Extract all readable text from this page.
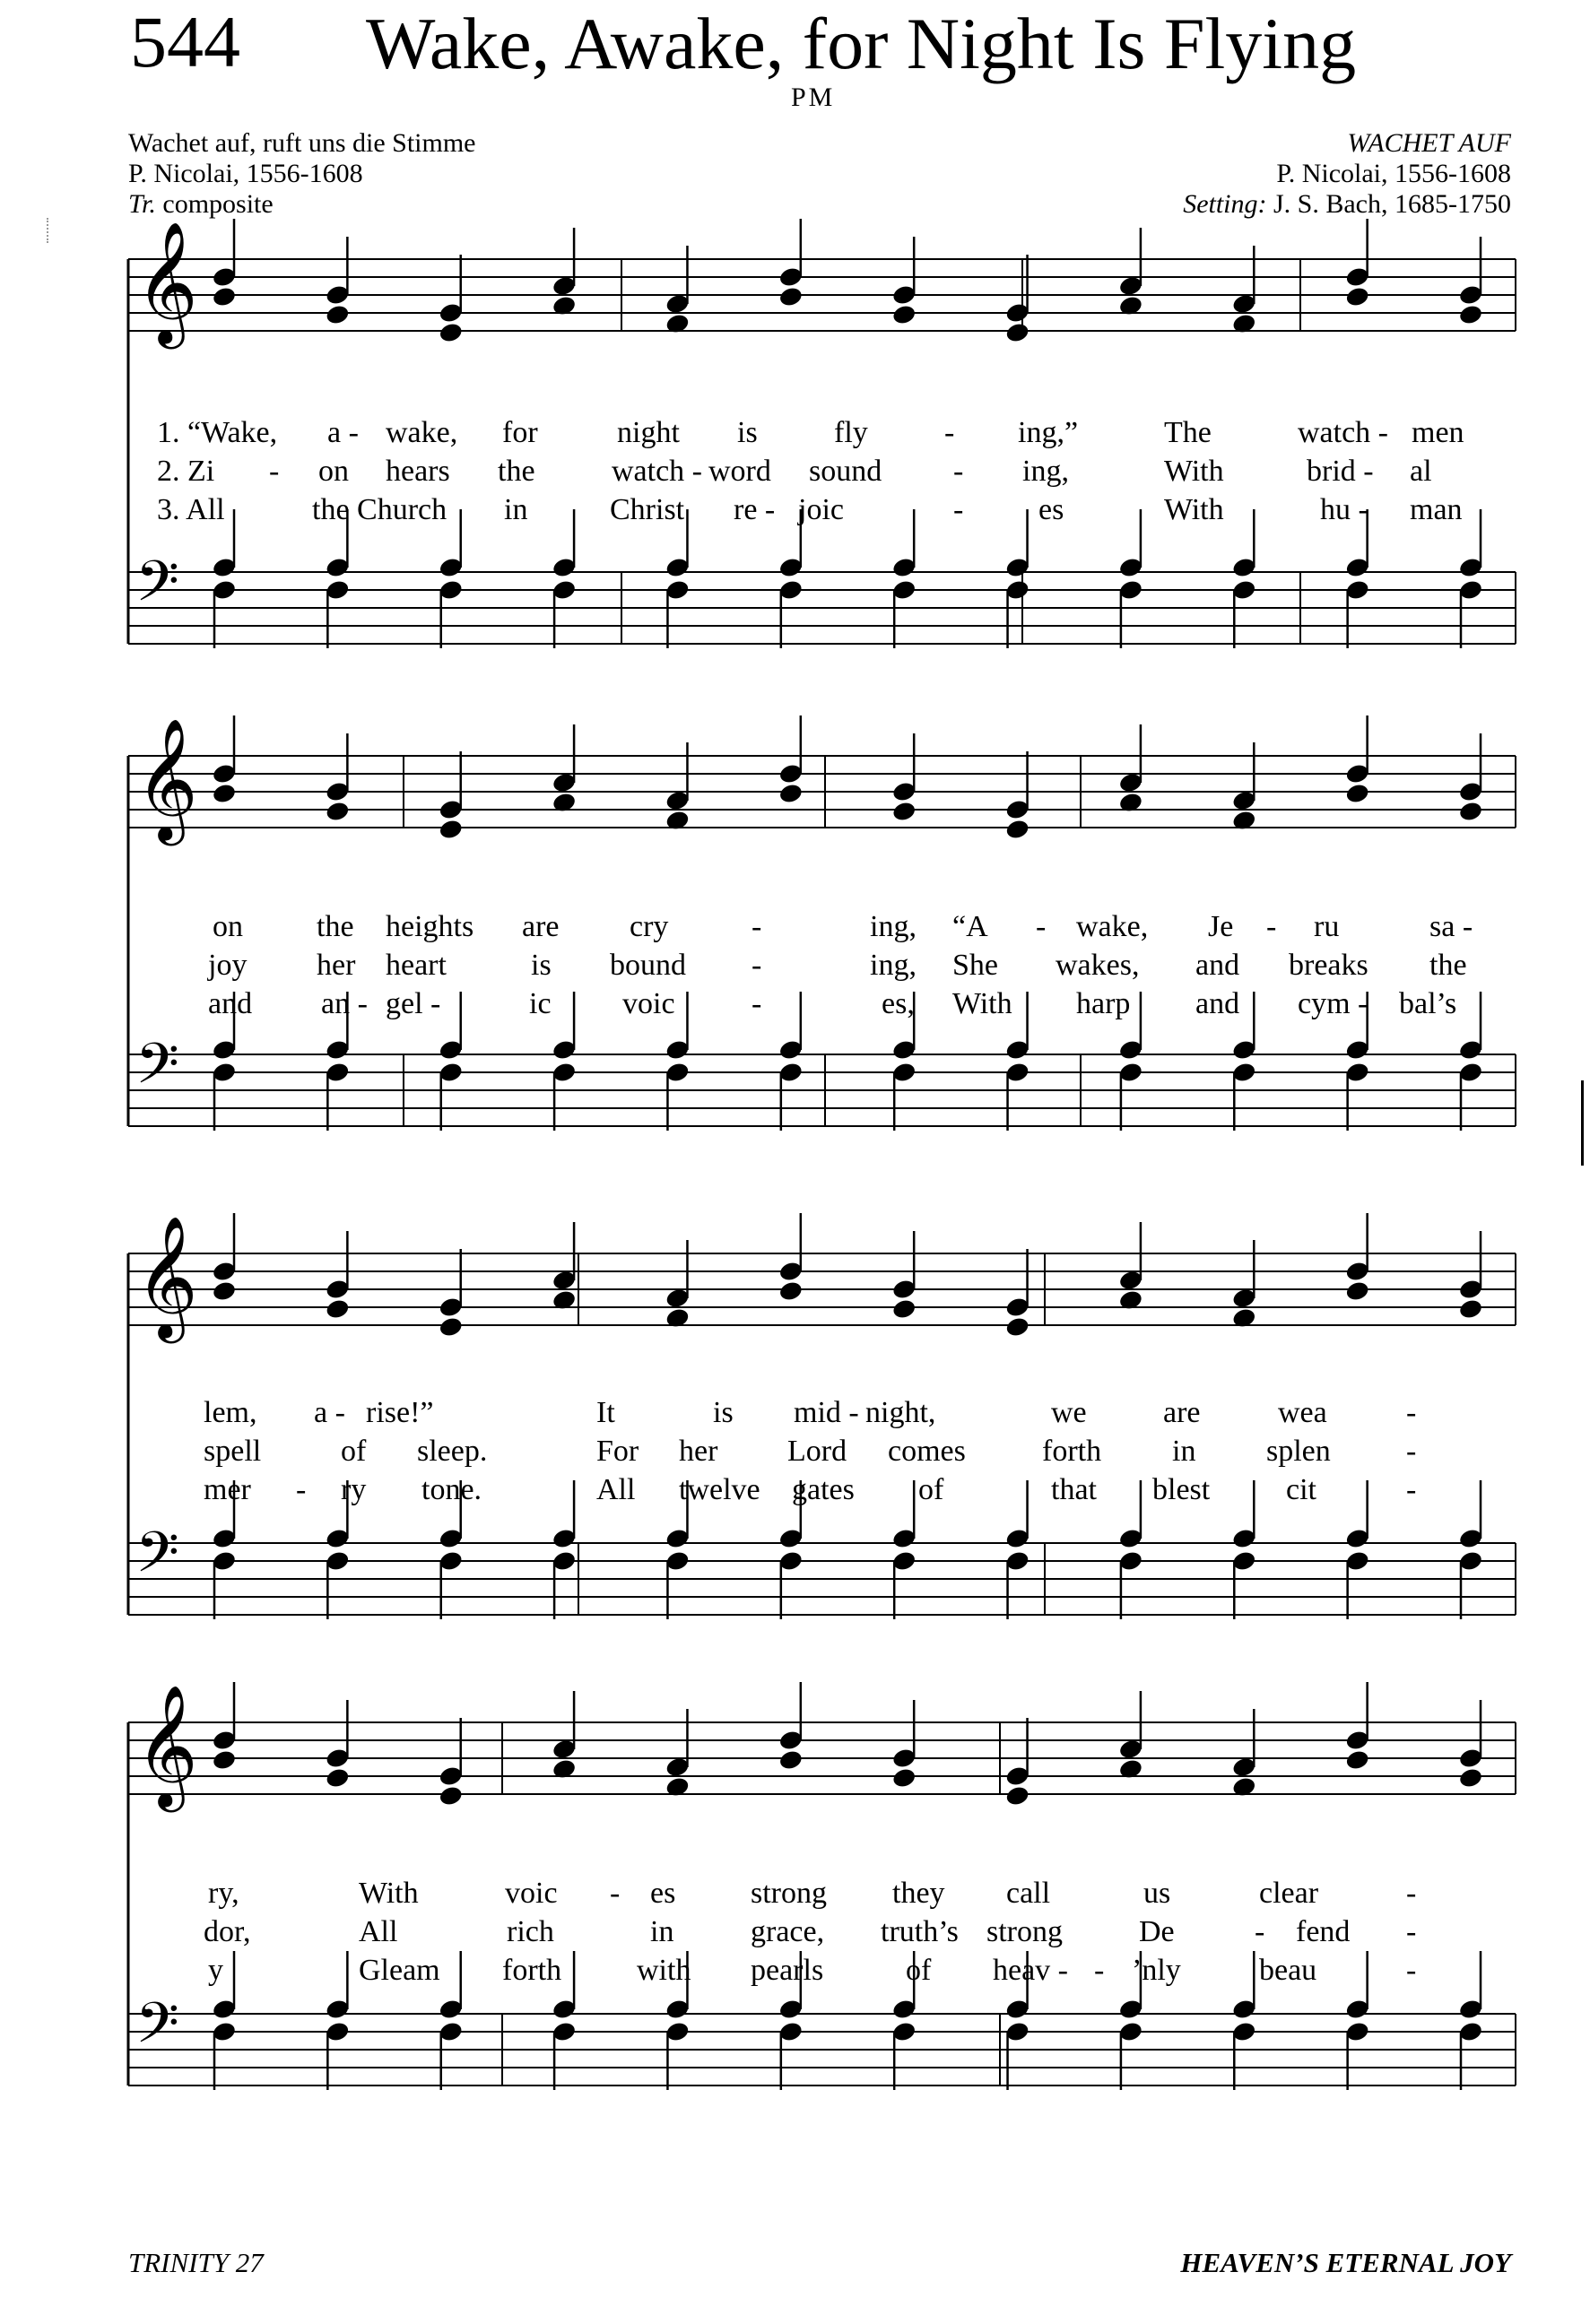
544 Wake, Awake, for Night Is Flying
PM
Wachet auf, ruft uns die Stimme
P. Nicolai, 1556-1608
Tr. composite
WACHET AUF
P. Nicolai, 1556-1608
Setting: J. S. Bach, 1685-1750
𝄞
𝄢
𝄞
𝄢
𝄞
𝄢
𝄞
𝄢
1. “Wake, a - wake, for	night is	fly	- ing,”	The	watch - men
2. Zi - on hears the	watch - word sound - ing,	With	brid - al
3. All	the Church in	Christ re - joic	- es	With	hu - man
on the heights are cry	-	ing, “A - wake, Je - ru	sa -
joy her heart	is bound -	ing, She wakes, and breaks the
and an - gel -	ic voic	-	es, With harp and cym - bal’s
lem, a - rise!”	It	is mid - night,	we	are	wea	-
spell	of sleep.	For her Lord comes	forth in splen -
mer - ry tone.	All twelve gates of	that blest cit	-
ry,	With	voic - es strong they call	us	clear	-
dor,	All	rich	in	grace, truth’s strong	De	- fend -
y	Gleam forth with pearls	of heav - - ’nly	beau	-
TRINITY 27	HEAVEN’S ETERNAL JOY
